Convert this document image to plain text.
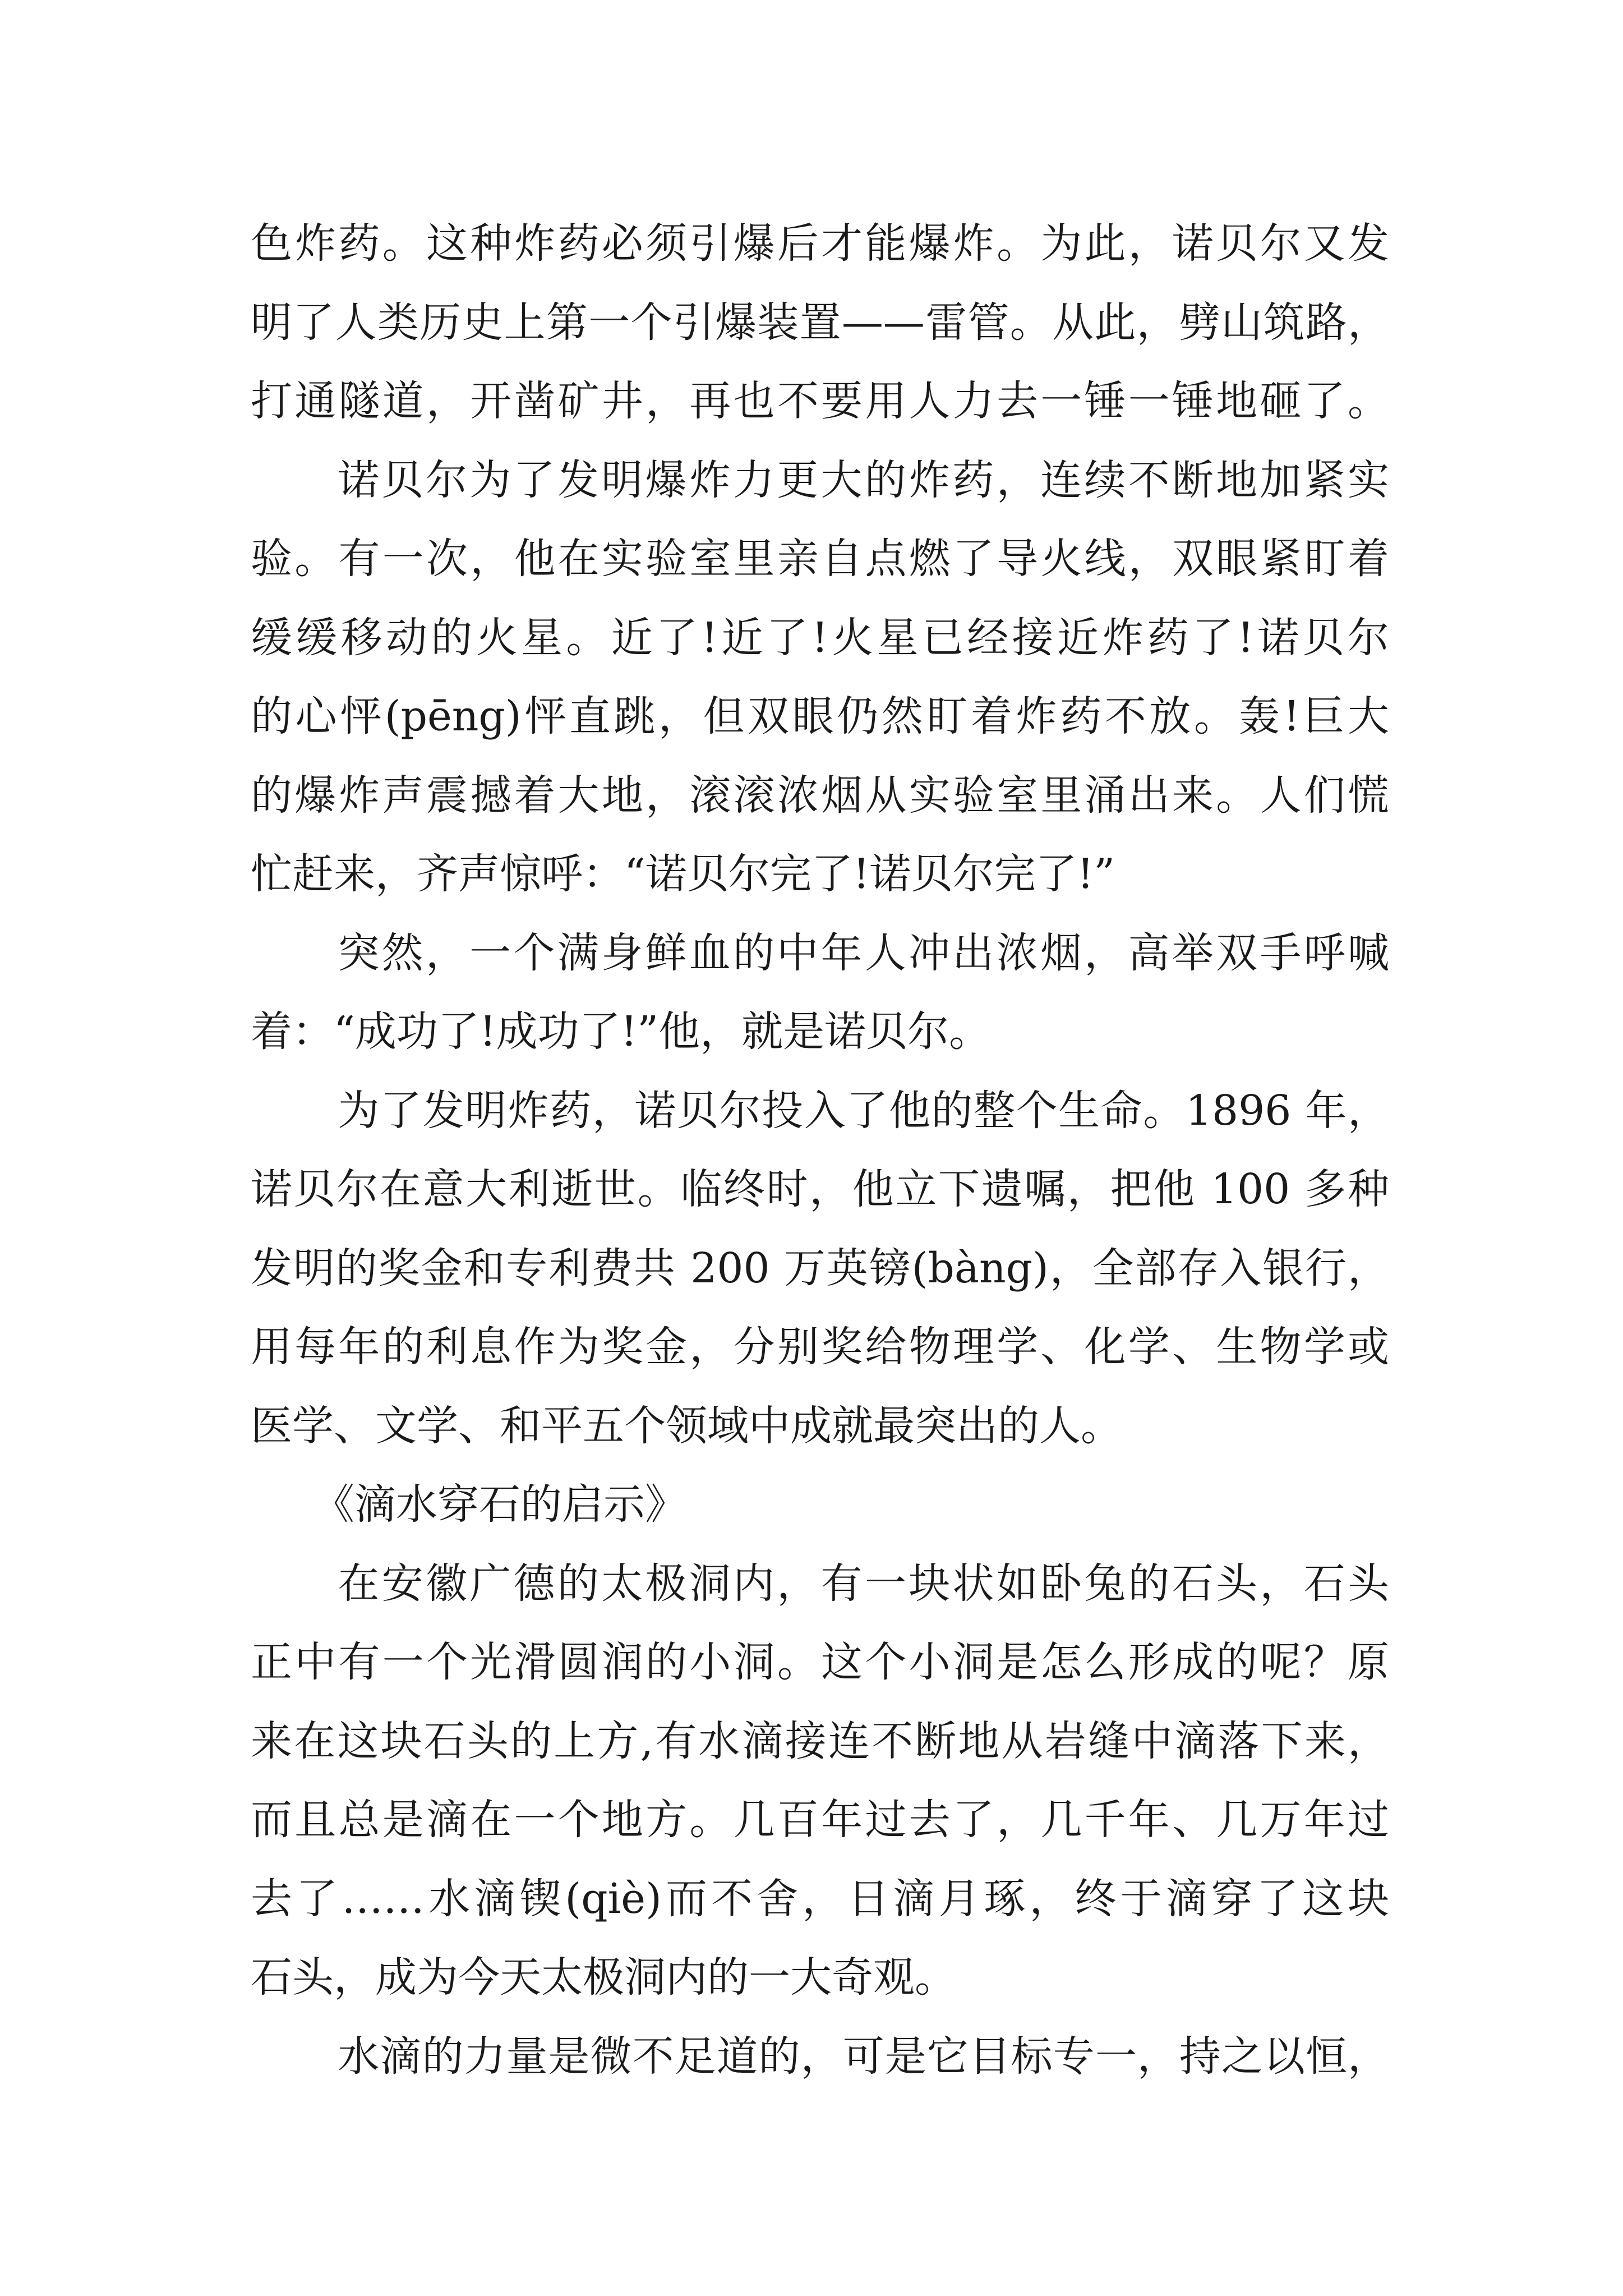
色炸药。这种炸药必须引爆后才能爆炸。为此，诺贝尔又发
明了人类历史上第一个引爆装置——雷管。从此，劈山筑路，
打通隧道，开凿矿井，再也不要用人力去一锤一锤地砸了。
诺贝尔为了发明爆炸力更大的炸药，连续不断地加紧实
验。有一次，他在实验室里亲自点燃了导火线，双眼紧盯着
缓缓移动的火星。近了!近了!火星已经接近炸药了!诺贝尔
的心怦(pēng)怦直跳，但双眼仍然盯着炸药不放。轰!巨大
的爆炸声震撼着大地，滚滚浓烟从实验室里涌出来。人们慌
忙赶来，齐声惊呼：“诺贝尔完了!诺贝尔完了!”
突然，一个满身鲜血的中年人冲出浓烟，高举双手呼喊
着：“成功了!成功了!”他，就是诺贝尔。
为了发明炸药，诺贝尔投入了他的整个生命。1896 年，
诺贝尔在意大利逝世。临终时，他立下遗嘱，把他 100 多种
发明的奖金和专利费共 200 万英镑(bàng)，全部存入银行，
用每年的利息作为奖金，分别奖给物理学、化学、生物学或
医学、文学、和平五个领域中成就最突出的人。
《滴水穿石的启示》
在安徽广德的太极洞内，有一块状如卧兔的石头，石头
正中有一个光滑圆润的小洞。这个小洞是怎么形成的呢？原
来在这块石头的上方,有水滴接连不断地从岩缝中滴落下来，
而且总是滴在一个地方。几百年过去了，几千年、几万年过
去了……水滴锲(qiè)而不舍，日滴月琢，终于滴穿了这块
石头，成为今天太极洞内的一大奇观。
水滴的力量是微不足道的，可是它目标专一，持之以恒，
